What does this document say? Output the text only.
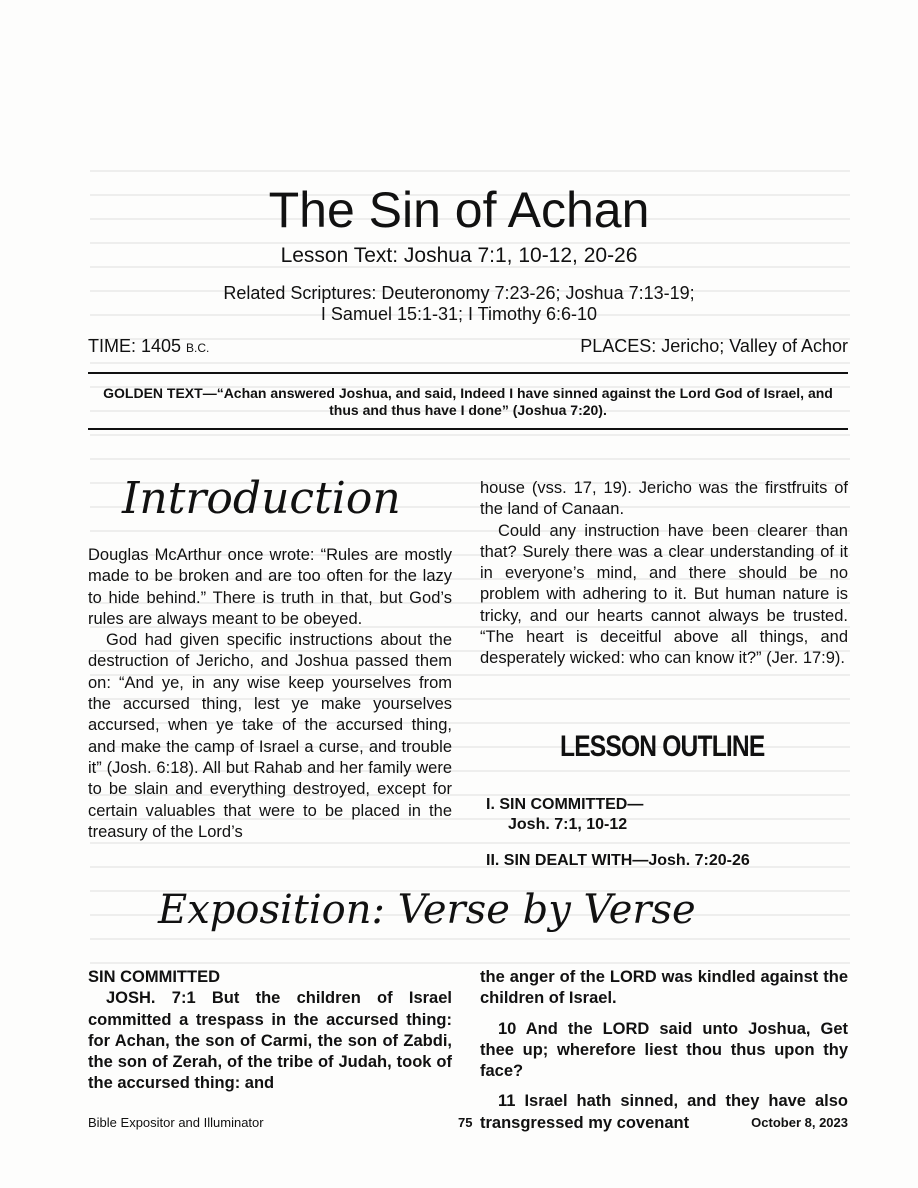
The Sin of Achan
Lesson Text: Joshua 7:1, 10-12, 20-26
Related Scriptures: Deuteronomy 7:23-26; Joshua 7:13-19;
I Samuel 15:1-31; I Timothy 6:6-10
TIME: 1405 B.C.	PLACES: Jericho; Valley of Achor
GOLDEN TEXT—“Achan answered Joshua, and said, Indeed I have sinned against the Lord God of Israel, and thus and thus have I done” (Joshua 7:20).
Introduction

Douglas McArthur once wrote: “Rules are mostly made to be broken and are too often for the lazy to hide behind.” There is truth in that, but God’s rules are always meant to be obeyed.

God had given specific instructions about the destruction of Jericho, and Joshua passed them on: “And ye, in any wise keep yourselves from the accursed thing, lest ye make yourselves accursed, when ye take of the accursed thing, and make the camp of Israel a curse, and trouble it” (Josh. 6:18). All but Rahab and her family were to be slain and everything destroyed, except for certain valuables that were to be placed in the treasury of the Lord’s

house (vss. 17, 19). Jericho was the firstfruits of the land of Canaan.

Could any instruction have been clearer than that? Surely there was a clear understanding of it in everyone’s mind, and there should be no problem with adhering to it. But human nature is tricky, and our hearts cannot always be trusted. “The heart is deceitful above all things, and desperately wicked: who can know it?” (Jer. 17:9).

LESSON OUTLINE
I. SIN COMMITTED—
Josh. 7:1, 10-12
II. SIN DEALT WITH—Josh. 7:20-26
Exposition: Verse by Verse
SIN COMMITTED

JOSH. 7:1 But the children of Israel committed a trespass in the accursed thing: for Achan, the son of Carmi, the son of Zabdi, the son of Zerah, of the tribe of Judah, took of the accursed thing: and

the anger of the LORD was kindled against the children of Israel.

10 And the LORD said unto Joshua, Get thee up; wherefore liest thou thus upon thy face?

11 Israel hath sinned, and they have also transgressed my covenant

Bible Expositor and Illuminator	75	October 8, 2023
